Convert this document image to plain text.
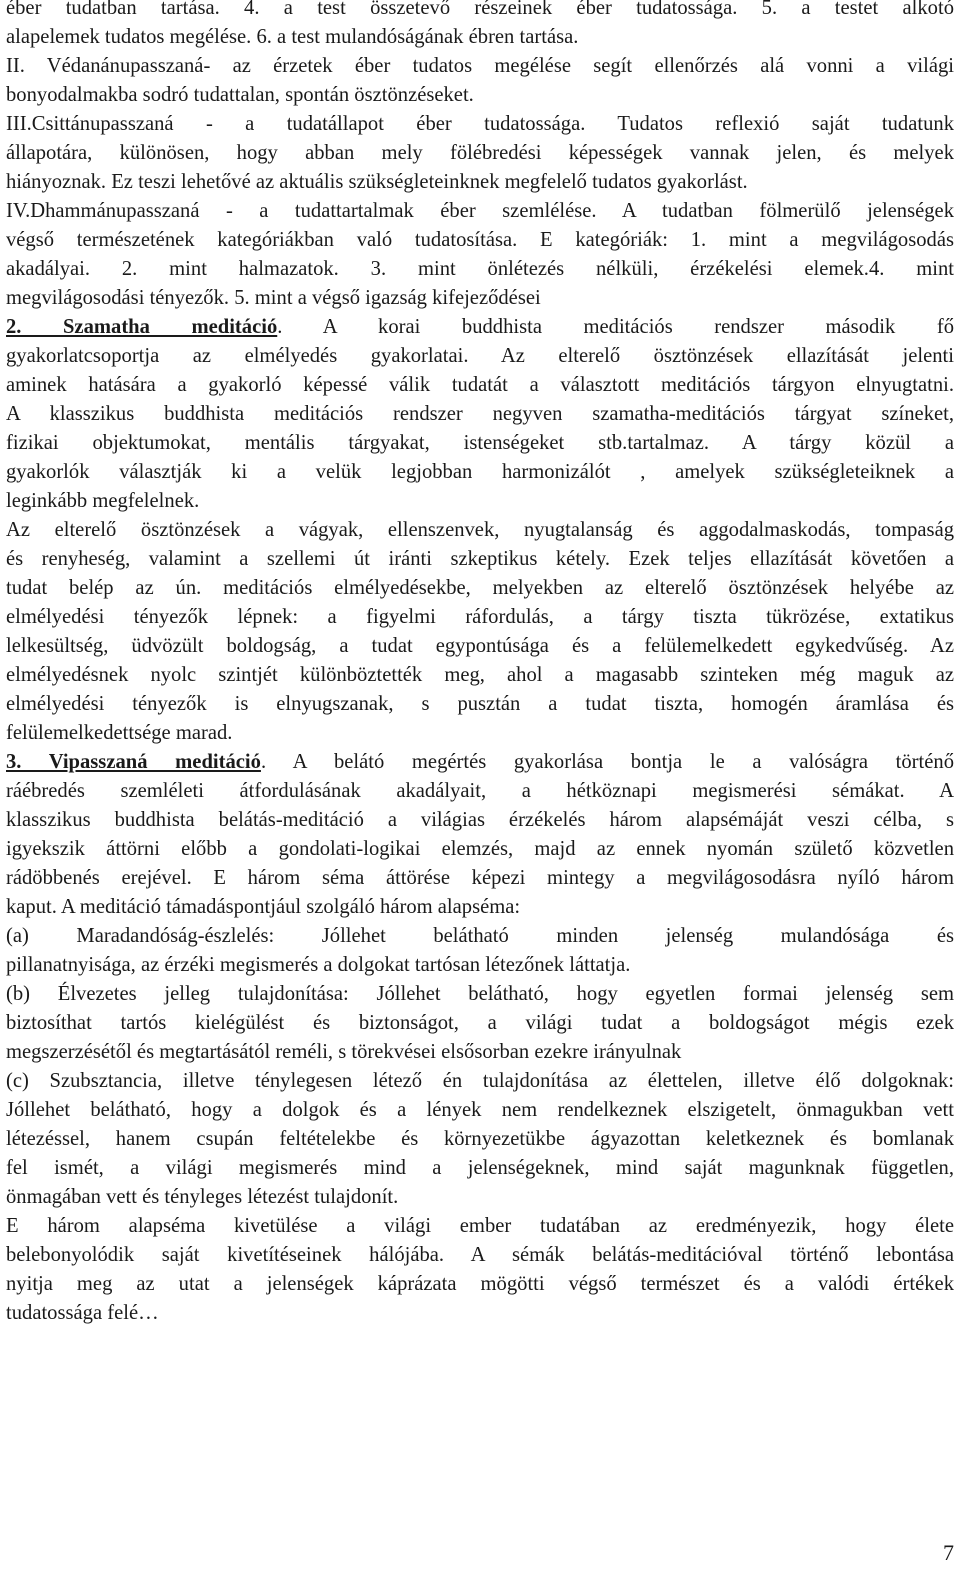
éber tudatban tartása. 4. a test összetevő részeinek éber tudatossága. 5. a testet alkotó
alapelemek tudatos megélése. 6. a test mulandóságának ébren tartása.
II. Védanánupasszaná- az érzetek éber tudatos megélése segít ellenőrzés alá vonni a világi
bonyodalmakba sodró tudattalan, spontán ösztönzéseket.
III.Csittánupasszaná - a tudatállapot éber tudatossága. Tudatos reflexió saját tudatunk
állapotára, különösen, hogy abban mely fölébredési képességek vannak jelen, és melyek
hiányoznak. Ez teszi lehetővé az aktuális szükségleteinknek megfelelő tudatos gyakorlást.
IV.Dhammánupasszaná - a tudattartalmak éber szemlélése. A tudatban fölmerülő jelenségek
végső természetének kategóriákban való tudatosítása. E kategóriák: 1. mint a megvilágosodás
akadályai. 2. mint halmazatok. 3. mint önlétezés nélküli, érzékelési elemek.4. mint
megvilágosodási tényezők. 5. mint a végső igazság kifejeződései
2. Szamatha meditáció. A korai buddhista meditációs rendszer második fő
gyakorlatcsoportja az elmélyedés gyakorlatai. Az elterelő ösztönzések ellazítását jelenti
aminek hatására a gyakorló képessé válik tudatát a választott meditációs tárgyon elnyugtatni.
A klasszikus buddhista meditációs rendszer negyven szamatha-meditációs tárgyat színeket,
fizikai objektumokat, mentális tárgyakat, istenségeket stb.tartalmaz. A tárgy közül a
gyakorlók választják ki a velük legjobban harmonizálót , amelyek szükségleteiknek a
leginkább megfelelnek.
Az elterelő ösztönzések a vágyak, ellenszenvek, nyugtalanság és aggodalmaskodás, tompaság
és renyheség, valamint a szellemi út iránti szkeptikus kétely. Ezek teljes ellazítását követően a
tudat belép az ún. meditációs elmélyedésekbe, melyekben az elterelő ösztönzések helyébe az
elmélyedési tényezők lépnek: a figyelmi ráfordulás, a tárgy tiszta tükrözése, extatikus
lelkesültség, üdvözült boldogság, a tudat egypontúsága és a felülemelkedett egykedvűség. Az
elmélyedésnek nyolc szintjét különböztették meg, ahol a magasabb szinteken még maguk az
elmélyedési tényezők is elnyugszanak, s pusztán a tudat tiszta, homogén áramlása és
felülemelkedettsége marad.
3. Vipasszaná meditáció. A belátó megértés gyakorlása bontja le a valóságra történő
ráébredés szemléleti átfordulásának akadályait, a hétköznapi megismerési sémákat. A
klasszikus buddhista belátás-meditáció a világias érzékelés három alapsémáját veszi célba, s
igyekszik áttörni előbb a gondolati-logikai elemzés, majd az ennek nyomán születő közvetlen
rádöbbenés erejével. E három séma áttörése képezi mintegy a megvilágosodásra nyíló három
kaput. A meditáció támadáspontjául szolgáló három alapséma:
(a) Maradandóság-észlelés: Jóllehet belátható minden jelenség mulandósága és
pillanatnyisága, az érzéki megismerés a dolgokat tartósan létezőnek láttatja.
(b) Élvezetes jelleg tulajdonítása: Jóllehet belátható, hogy egyetlen formai jelenség sem
biztosíthat tartós kielégülést és biztonságot, a világi tudat a boldogságot mégis ezek
megszerzésétől és megtartásától reméli, s törekvései elsősorban ezekre irányulnak
(c) Szubsztancia, illetve ténylegesen létező én tulajdonítása az élettelen, illetve élő dolgoknak:
Jóllehet belátható, hogy a dolgok és a lények nem rendelkeznek elszigetelt, önmagukban vett
létezéssel, hanem csupán feltételekbe és környezetükbe ágyazottan keletkeznek és bomlanak
fel ismét, a világi megismerés mind a jelenségeknek, mind saját magunknak független,
önmagában vett és tényleges létezést tulajdonít.
E három alapséma kivetülése a világi ember tudatában az eredményezik, hogy élete
belebonyolódik saját kivetítéseinek hálójába. A sémák belátás-meditációval történő lebontása
nyitja meg az utat a jelenségek káprázata mögötti végső természet és a valódi értékek
tudatossága felé…
7
